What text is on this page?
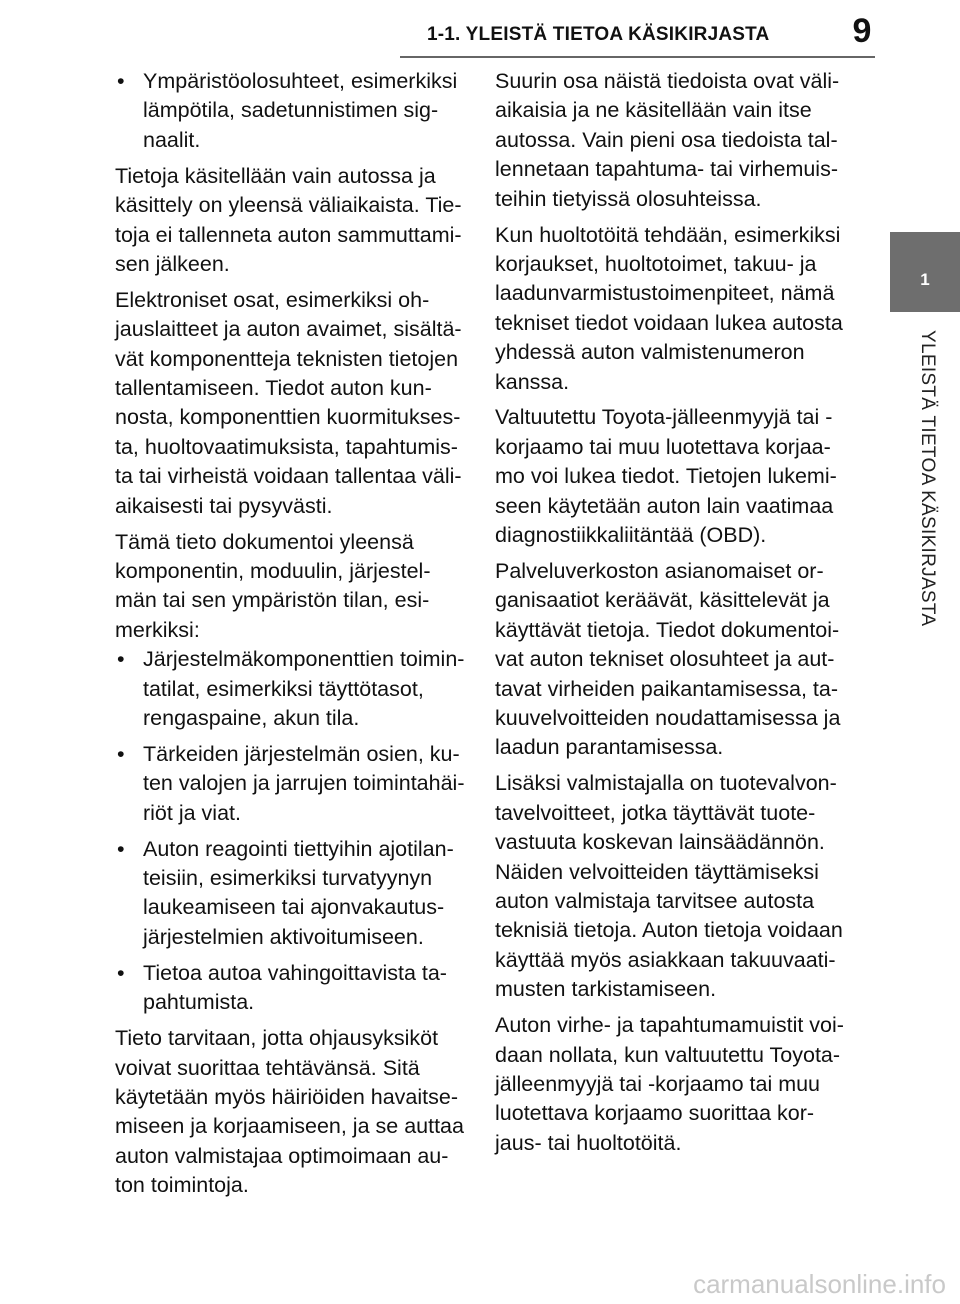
1-1. YLEISTÄ TIETOA KÄSIKIRJASTA	9
1
YLEISTÄ TIETOA KÄSIKIRJASTA

• Ympäristöolosuhteet, esimerkiksi lämpötila, sadetunnistimen sig-naalit.

Tietoja käsitellään vain autossa ja käsittely on yleensä väliaikaista. Tie-toja ei tallenneta auton sammuttami-sen jälkeen.

Elektroniset osat, esimerkiksi oh-jauslaitteet ja auton avaimet, sisältä-vät komponentteja teknisten tietojen tallentamiseen. Tiedot auton kun-nosta, komponenttien kuormitukses-ta, huoltovaatimuksista, tapahtumis-ta tai virheistä voidaan tallentaa väli-aikaisesti tai pysyvästi.

Tämä tieto dokumentoi yleensä komponentin, moduulin, järjestel-män tai sen ympäristön tilan, esi-merkiksi:

• Järjestelmäkomponenttien toimin-tatilat, esimerkiksi täyttötasot, rengaspaine, akun tila.

• Tärkeiden järjestelmän osien, ku-ten valojen ja jarrujen toimintahäi-riöt ja viat.

• Auton reagointi tiettyihin ajotilan-teisiin, esimerkiksi turvatyynyn laukeamiseen tai ajonvakautus-järjestelmien aktivoitumiseen.

• Tietoa autoa vahingoittavista ta-pahtumista.

Tieto tarvitaan, jotta ohjausyksiköt voivat suorittaa tehtävänsä. Sitä käytetään myös häiriöiden havaitse-miseen ja korjaamiseen, ja se auttaa auton valmistajaa optimoimaan au-ton toimintoja.

Suurin osa näistä tiedoista ovat väli-aikaisia ja ne käsitellään vain itse autossa. Vain pieni osa tiedoista tal-lennetaan tapahtuma- tai virhemuis-teihin tietyissä olosuhteissa.

Kun huoltotöitä tehdään, esimerkiksi korjaukset, huoltotoimet, takuu- ja laadunvarmistustoimenpiteet, nämä tekniset tiedot voidaan lukea autosta yhdessä auton valmistenumeron kanssa.

Valtuutettu Toyota-jälleenmyyjä tai -korjaamo tai muu luotettava korjaa-mo voi lukea tiedot. Tietojen lukemi-seen käytetään auton lain vaatimaa diagnostiikkaliitäntää (OBD).

Palveluverkoston asianomaiset or-ganisaatiot keräävät, käsittelevät ja käyttävät tietoja. Tiedot dokumentoi-vat auton tekniset olosuhteet ja aut-tavat virheiden paikantamisessa, ta-kuuvelvoitteiden noudattamisessa ja laadun parantamisessa.

Lisäksi valmistajalla on tuotevalvon-tavelvoitteet, jotka täyttävät tuote-vastuuta koskevan lainsäädännön. Näiden velvoitteiden täyttämiseksi auton valmistaja tarvitsee autosta teknisiä tietoja. Auton tietoja voidaan käyttää myös asiakkaan takuuvaati-musten tarkistamiseen.

Auton virhe- ja tapahtumamuistit voi-daan nollata, kun valtuutettu Toyota-jälleenmyyjä tai -korjaamo tai muu luotettava korjaamo suorittaa kor-jaus- tai huoltotöitä.

carmanualsonline.info
